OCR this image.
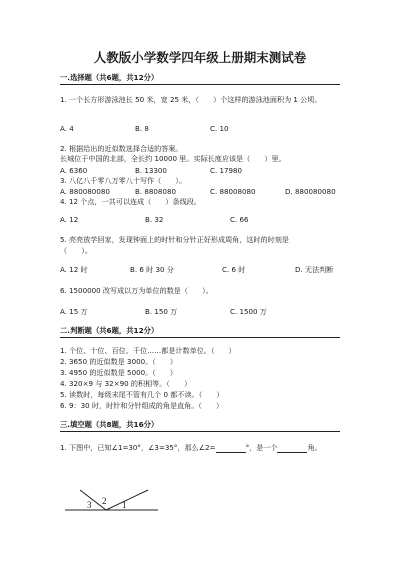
人教版小学数学四年级上册期末测试卷
一.选择题（共6题，共12分）
1. 一个长方形游泳池长 50 米，宽 25 米，（　　）个这样的游泳池面积为 1 公顷。
A. 4	B. 8	C. 10
2. 根据给出的近似数选择合适的答案。
长城位于中国的北部，全长约 10000 里。实际长度应该是（　　）里。
A. 6360	B. 13300	C. 17980
3. 八亿八千零八万零八十写作（　　）。
A. 880080080	B. 8808080	C. 88008080	D. 880080080
4. 12 个点，一共可以连成（　　）条线段。
A. 12	B. 32	C. 66
5. 亮亮放学回家，发现钟面上的时针和分针正好形成周角，这时的时刻是
（　　）。
A. 12 时	B. 6 时 30 分	C. 6 时	D. 无法判断
6. 1500000 改写成以万为单位的数是（　　）。
A. 15 万	B. 150 万	C. 1500 万
二.判断题（共6题，共12分）
1. 个位、十位、百位、千位……都是计数单位。（　　）
2. 3650 的近似数是 3000。（　　）
3. 4950 的近似数是 5000。（　　）
4. 320×9 与 32×90 的积相等。（　　）
5. 读数时，每级末尾不管有几个 0 都不读。（　　）
6. 9：30 时，时针和分针组成的角是直角。（　　）
三.填空题（共8题，共16分）
1. 下图中，已知∠1=30°，∠3=35°，那么∠2=	°，是一个	角。
3 2 1
